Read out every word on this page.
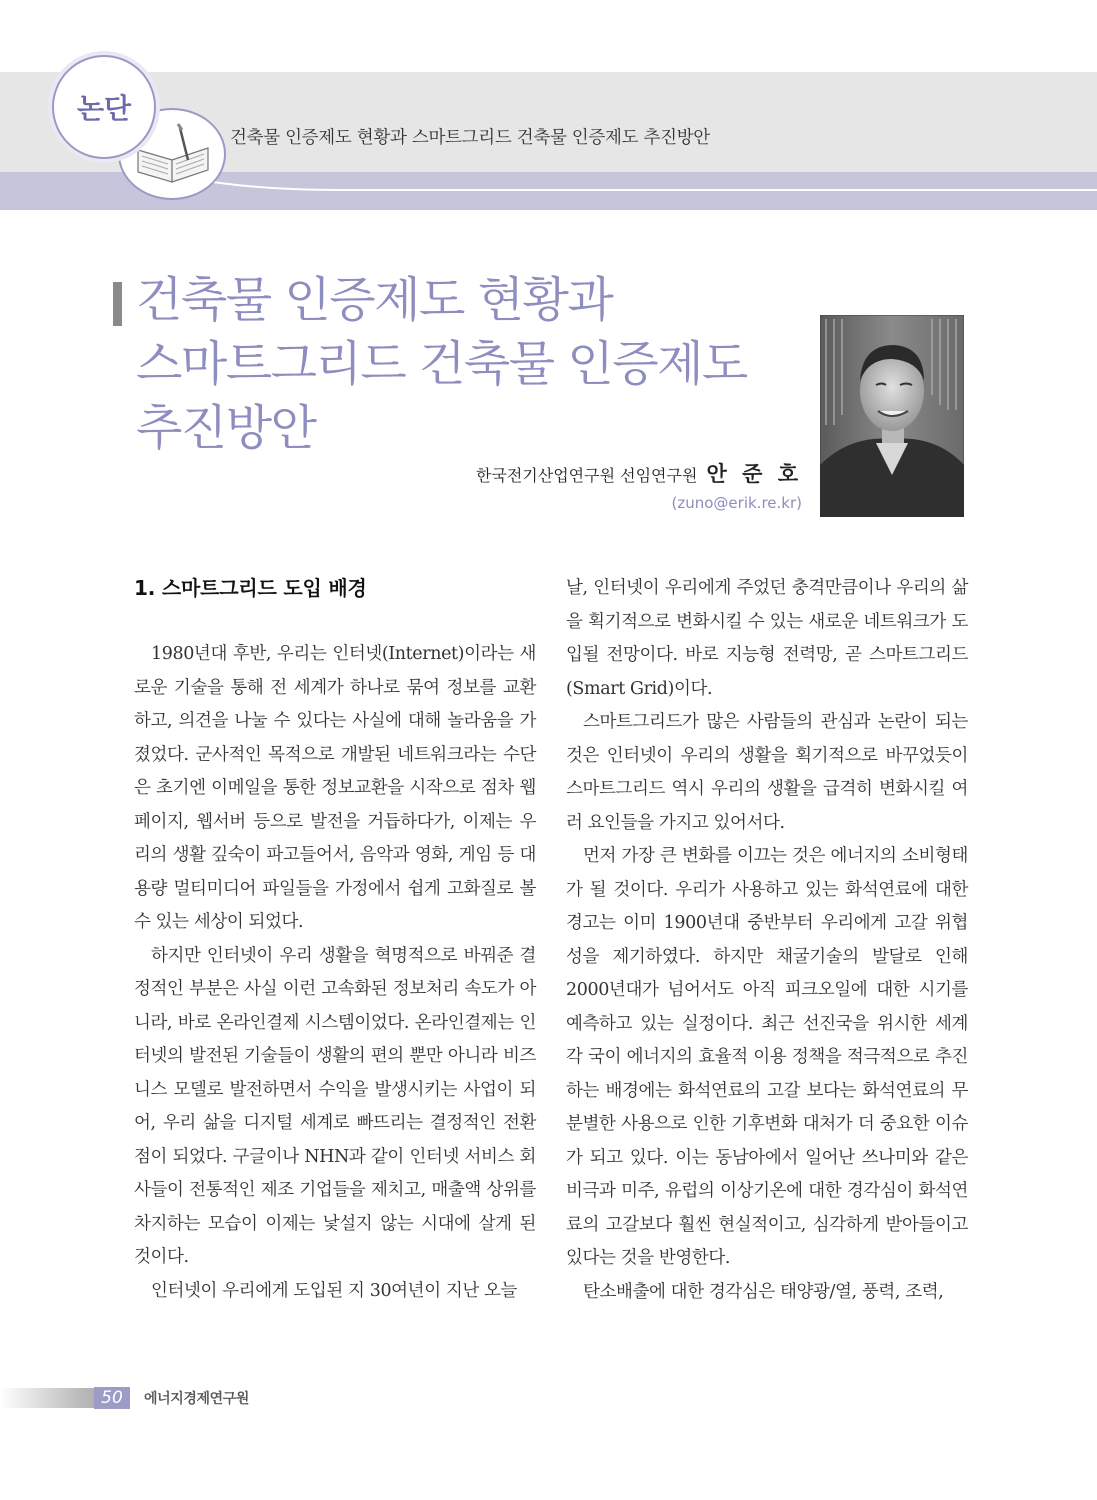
논단
건축물 인증제도 현황과 스마트그리드 건축물 인증제도 추진방안
건축물 인증제도 현황과
스마트그리드 건축물 인증제도
추진방안
한국전기산업연구원 선임연구원 안 준 호
(zuno@erik.re.kr)

1. 스마트그리드 도입 배경

1980년대 후반, 우리는 인터넷(Internet)이라는 새로운 기술을 통해 전 세계가 하나로 묶여 정보를 교환하고, 의견을 나눌 수 있다는 사실에 대해 놀라움을 가졌었다. 군사적인 목적으로 개발된 네트워크라는 수단은 초기엔 이메일을 통한 정보교환을 시작으로 점차 웹페이지, 웹서버 등으로 발전을 거듭하다가, 이제는 우리의 생활 깊숙이 파고들어서, 음악과 영화, 게임 등 대용량 멀티미디어 파일들을 가정에서 쉽게 고화질로 볼 수 있는 세상이 되었다.

하지만 인터넷이 우리 생활을 혁명적으로 바꿔준 결정적인 부분은 사실 이런 고속화된 정보처리 속도가 아니라, 바로 온라인결제 시스템이었다. 온라인결제는 인터넷의 발전된 기술들이 생활의 편의 뿐만 아니라 비즈니스 모델로 발전하면서 수익을 발생시키는 사업이 되어, 우리 삶을 디지털 세계로 빠뜨리는 결정적인 전환점이 되었다. 구글이나 NHN과 같이 인터넷 서비스 회사들이 전통적인 제조 기업들을 제치고, 매출액 상위를 차지하는 모습이 이제는 낯설지 않는 시대에 살게 된 것이다.

인터넷이 우리에게 도입된 지 30여년이 지난 오늘

날, 인터넷이 우리에게 주었던 충격만큼이나 우리의 삶을 획기적으로 변화시킬 수 있는 새로운 네트워크가 도입될 전망이다. 바로 지능형 전력망, 곧 스마트그리드(Smart Grid)이다.

스마트그리드가 많은 사람들의 관심과 논란이 되는 것은 인터넷이 우리의 생활을 획기적으로 바꾸었듯이 스마트그리드 역시 우리의 생활을 급격히 변화시킬 여러 요인들을 가지고 있어서다.

먼저 가장 큰 변화를 이끄는 것은 에너지의 소비형태가 될 것이다. 우리가 사용하고 있는 화석연료에 대한 경고는 이미 1900년대 중반부터 우리에게 고갈 위협성을 제기하였다. 하지만 채굴기술의 발달로 인해 2000년대가 넘어서도 아직 피크오일에 대한 시기를 예측하고 있는 실정이다. 최근 선진국을 위시한 세계 각 국이 에너지의 효율적 이용 정책을 적극적으로 추진하는 배경에는 화석연료의 고갈 보다는 화석연료의 무분별한 사용으로 인한 기후변화 대처가 더 중요한 이슈가 되고 있다. 이는 동남아에서 일어난 쓰나미와 같은 비극과 미주, 유럽의 이상기온에 대한 경각심이 화석연료의 고갈보다 훨씬 현실적이고, 심각하게 받아들이고 있다는 것을 반영한다.

탄소배출에 대한 경각심은 태양광/열, 풍력, 조력,

50	에너지경제연구원
